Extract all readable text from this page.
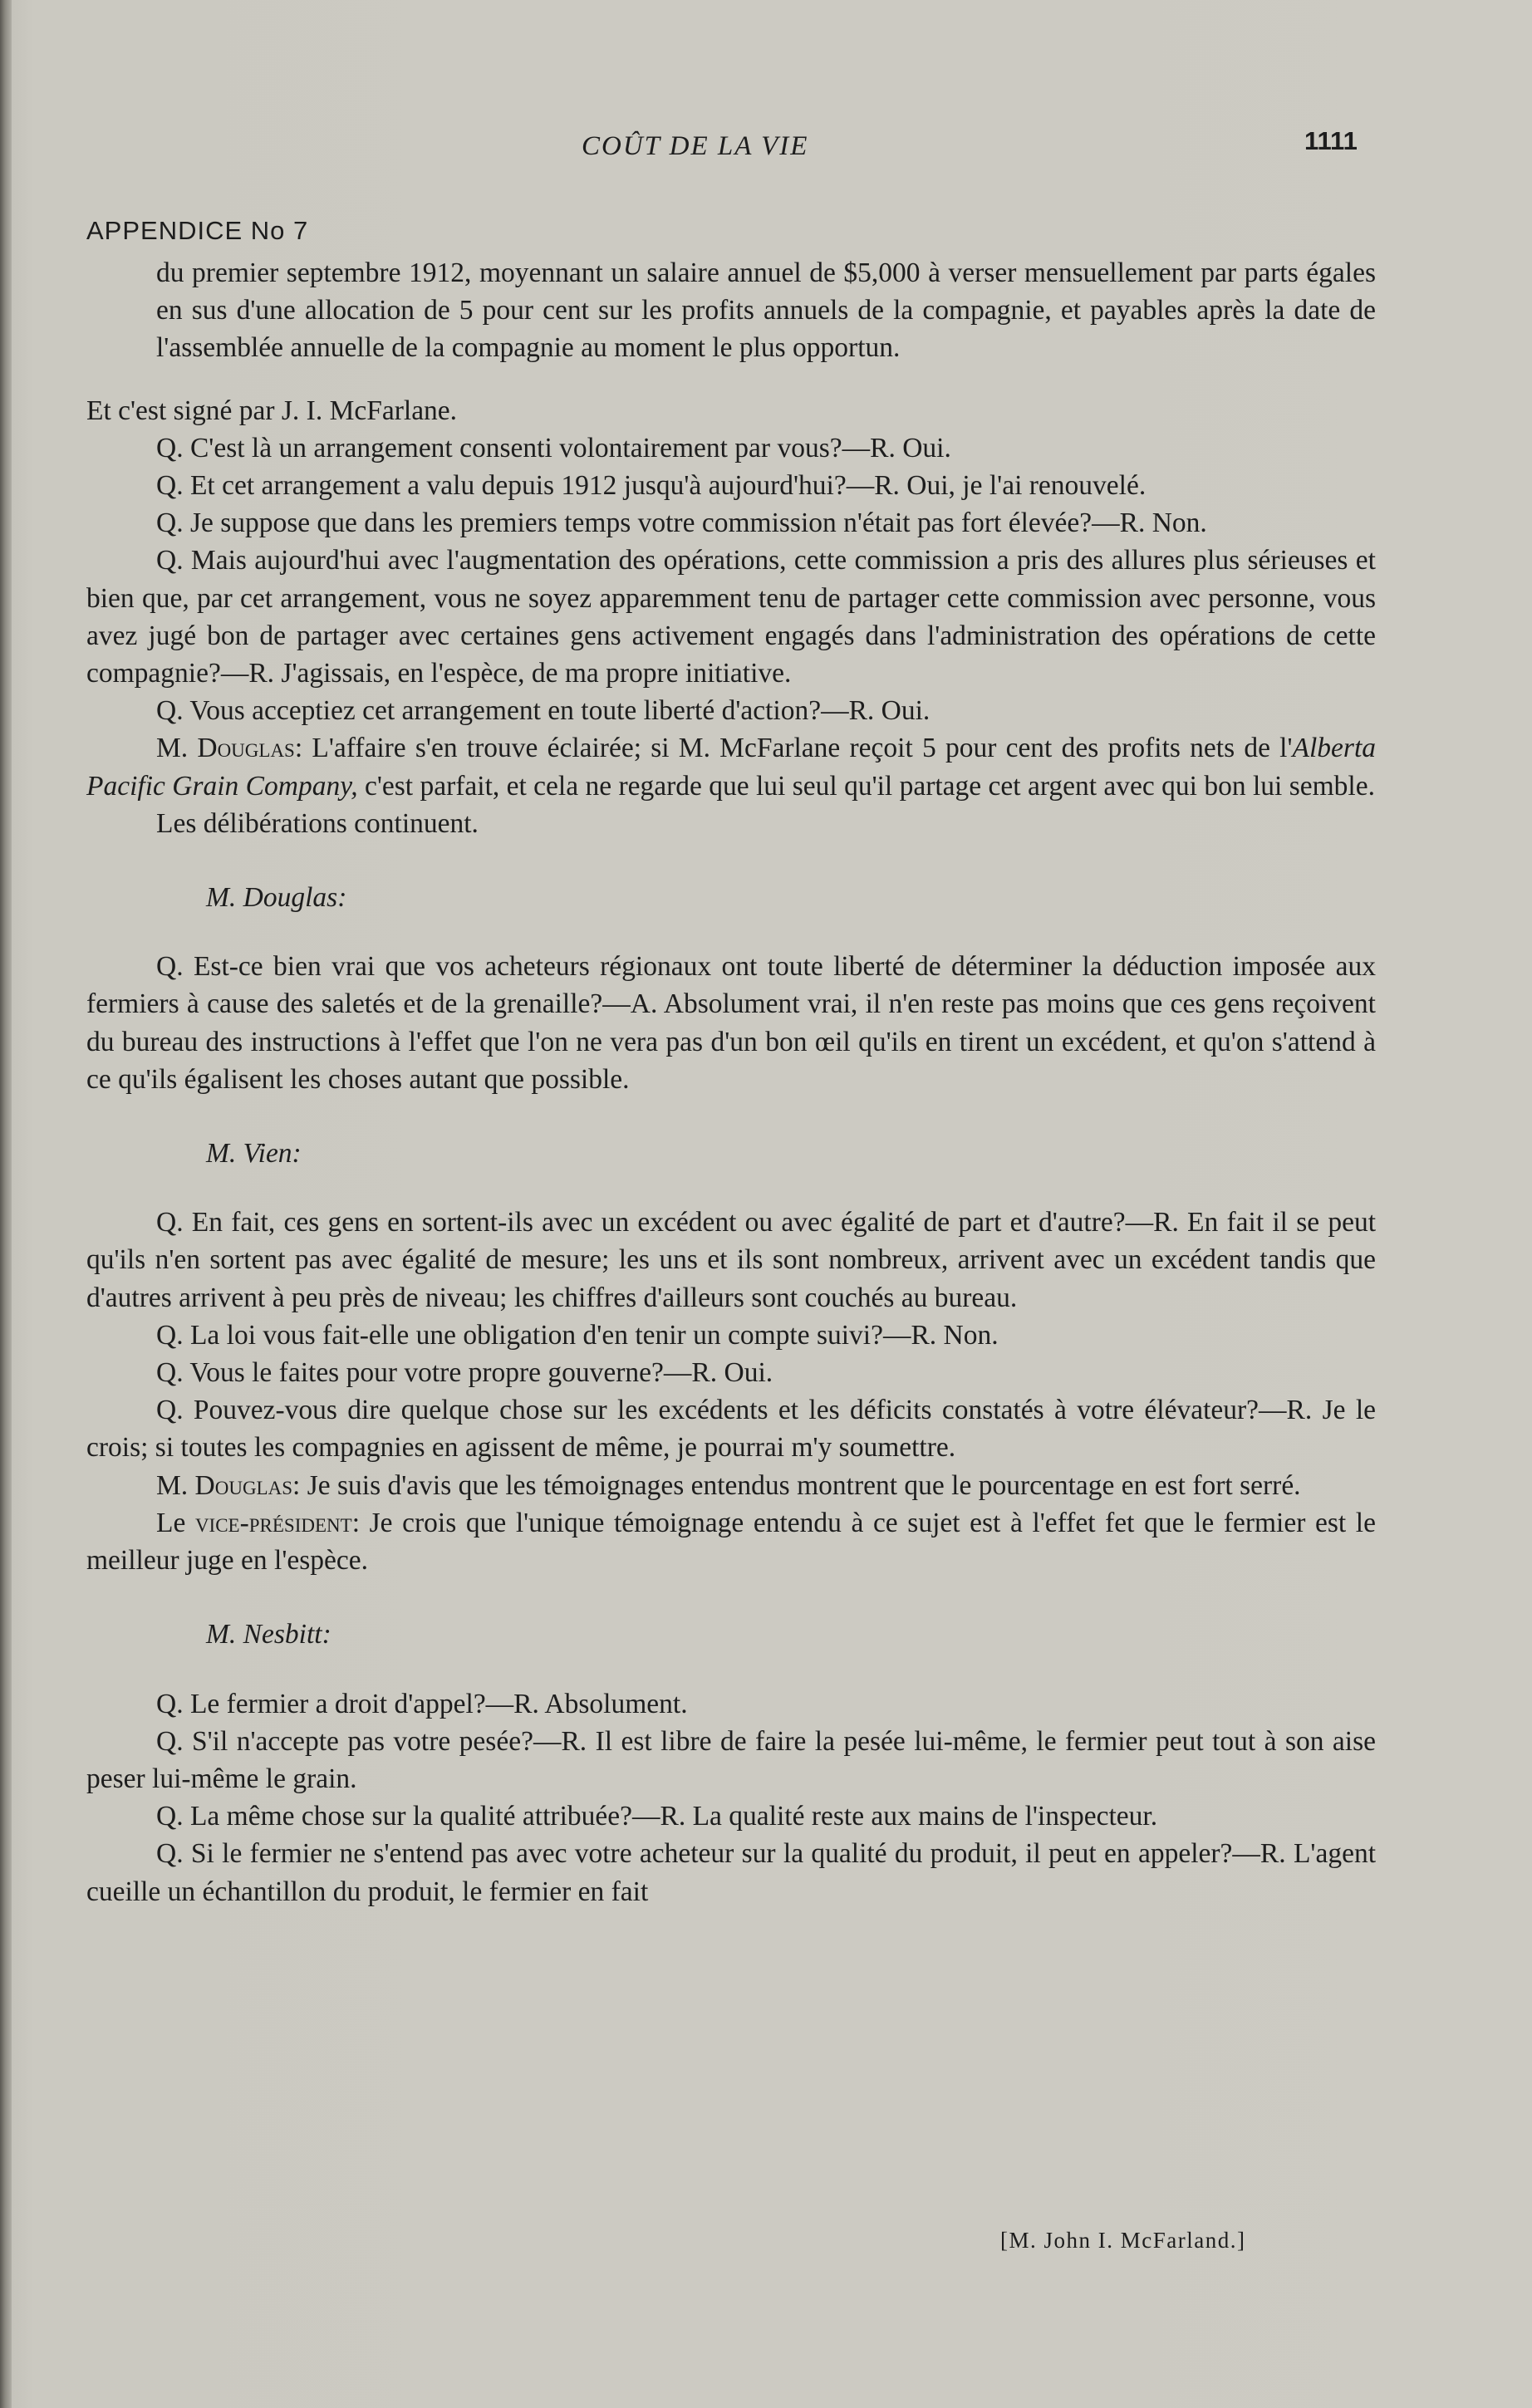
COÛT DE LA VIE	1111
APPENDICE No 7

du premier septembre 1912, moyennant un salaire annuel de $5,000 à verser mensuellement par parts égales en sus d'une allocation de 5 pour cent sur les profits annuels de la compagnie, et payables après la date de l'assemblée annuelle de la compagnie au moment le plus opportun.

Et c'est signé par J. I. McFarlane.

Q. C'est là un arrangement consenti volontairement par vous?—R. Oui.

Q. Et cet arrangement a valu depuis 1912 jusqu'à aujourd'hui?—R. Oui, je l'ai renouvelé.

Q. Je suppose que dans les premiers temps votre commission n'était pas fort élevée?—R. Non.

Q. Mais aujourd'hui avec l'augmentation des opérations, cette commission a pris des allures plus sérieuses et bien que, par cet arrangement, vous ne soyez apparemment tenu de partager cette commission avec personne, vous avez jugé bon de partager avec certaines gens activement engagés dans l'administration des opérations de cette compagnie?—R. J'agissais, en l'espèce, de ma propre initiative.

Q. Vous acceptiez cet arrangement en toute liberté d'action?—R. Oui.

M. Douglas: L'affaire s'en trouve éclairée; si M. McFarlane reçoit 5 pour cent des profits nets de l'Alberta Pacific Grain Company, c'est parfait, et cela ne regarde que lui seul qu'il partage cet argent avec qui bon lui semble.

Les délibérations continuent.

M. Douglas:

Q. Est-ce bien vrai que vos acheteurs régionaux ont toute liberté de déterminer la déduction imposée aux fermiers à cause des saletés et de la grenaille?—A. Absolument vrai, il n'en reste pas moins que ces gens reçoivent du bureau des instructions à l'effet que l'on ne vera pas d'un bon œil qu'ils en tirent un excédent, et qu'on s'attend à ce qu'ils égalisent les choses autant que possible.

M. Vien:

Q. En fait, ces gens en sortent-ils avec un excédent ou avec égalité de part et d'autre?—R. En fait il se peut qu'ils n'en sortent pas avec égalité de mesure; les uns et ils sont nombreux, arrivent avec un excédent tandis que d'autres arrivent à peu près de niveau; les chiffres d'ailleurs sont couchés au bureau.

Q. La loi vous fait-elle une obligation d'en tenir un compte suivi?—R. Non.

Q. Vous le faites pour votre propre gouverne?—R. Oui.

Q. Pouvez-vous dire quelque chose sur les excédents et les déficits constatés à votre élévateur?—R. Je le crois; si toutes les compagnies en agissent de même, je pourrai m'y soumettre.

M. Douglas: Je suis d'avis que les témoignages entendus montrent que le pourcentage en est fort serré.

Le vice-président: Je crois que l'unique témoignage entendu à ce sujet est à l'effet fet que le fermier est le meilleur juge en l'espèce.

M. Nesbitt:

Q. Le fermier a droit d'appel?—R. Absolument.

Q. S'il n'accepte pas votre pesée?—R. Il est libre de faire la pesée lui-même, le fermier peut tout à son aise peser lui-même le grain.

Q. La même chose sur la qualité attribuée?—R. La qualité reste aux mains de l'inspecteur.

Q. Si le fermier ne s'entend pas avec votre acheteur sur la qualité du produit, il peut en appeler?—R. L'agent cueille un échantillon du produit, le fermier en fait

[M. John I. McFarland.]
